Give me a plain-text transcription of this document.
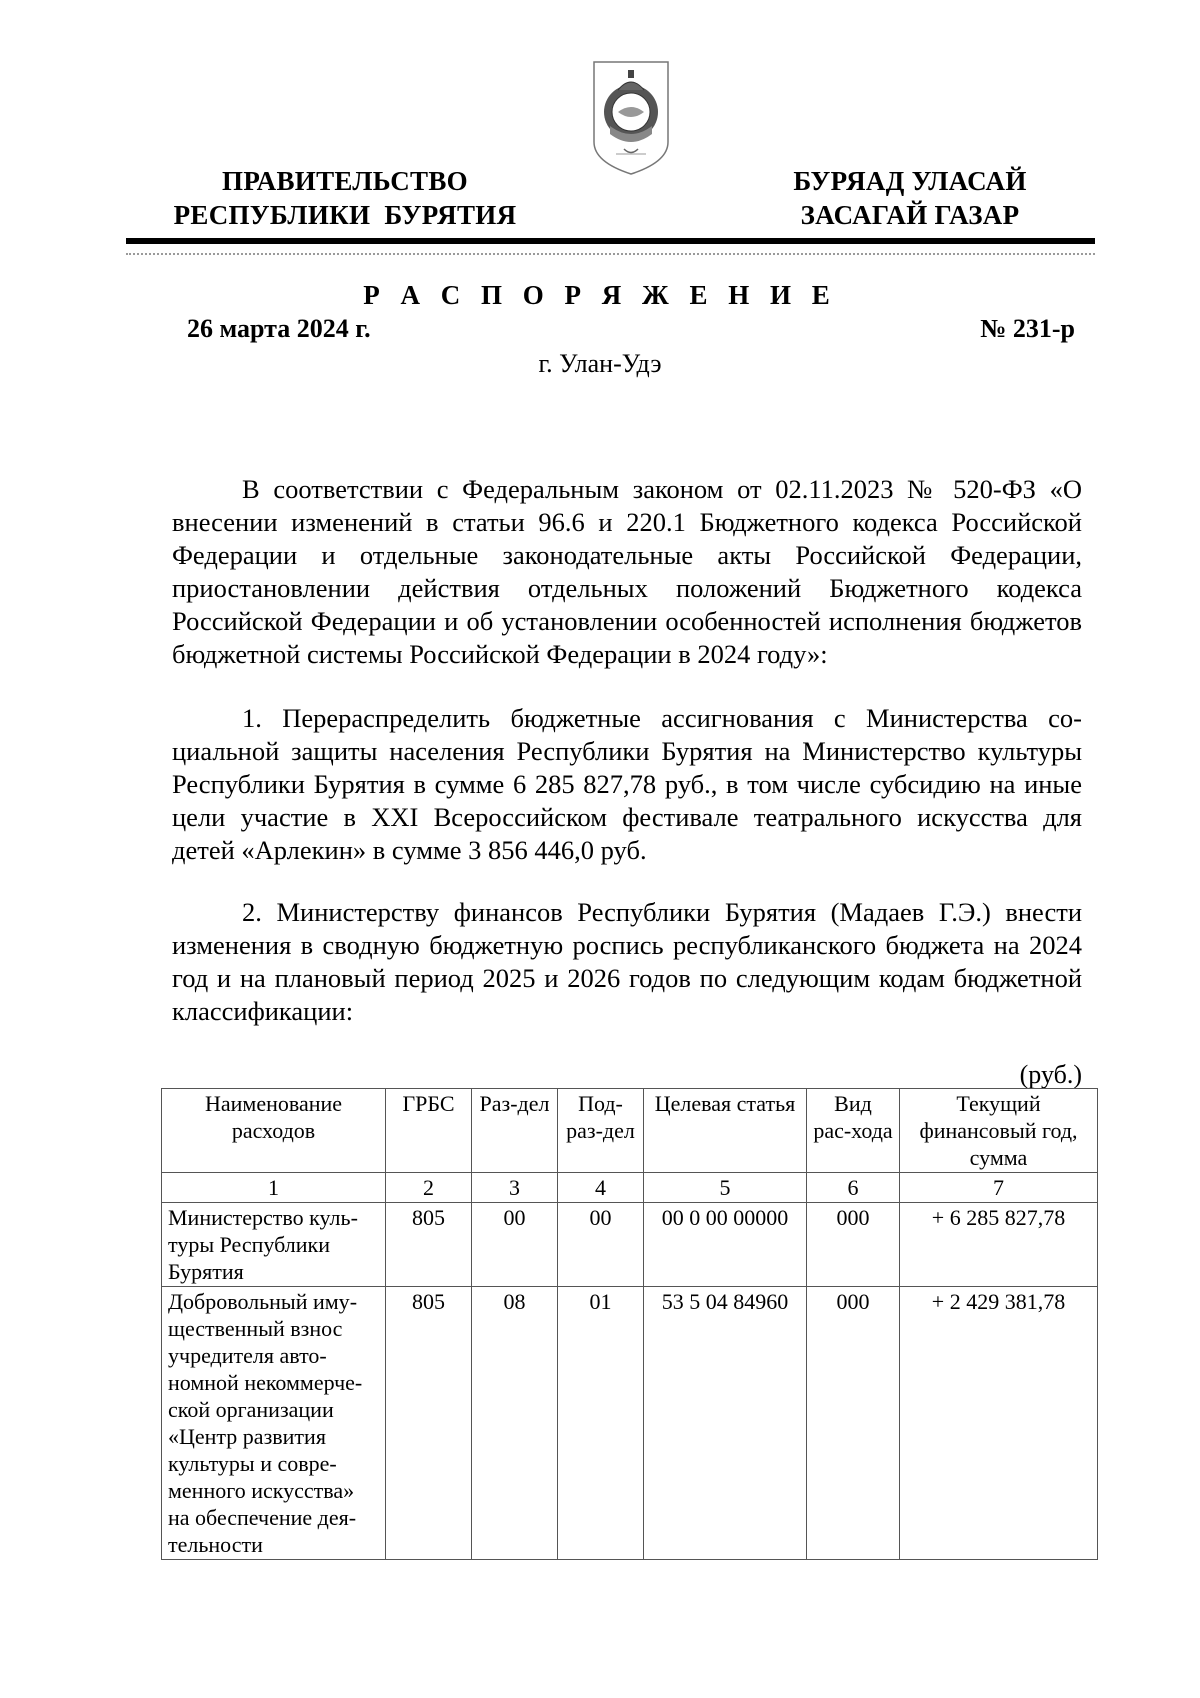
ПРАВИТЕЛЬСТВО
РЕСПУБЛИКИ  БУРЯТИЯ
БУРЯАД УЛАСАЙ
ЗАСАГАЙ ГАЗАР
Р А С П О Р Я Ж Е Н И Е
26 марта 2024 г.	№ 231-р
г. Улан-Удэ

В соответствии с Федеральным законом от 02.11.2023 № 520-ФЗ «О внесении изменений в статьи 96.6 и 220.1 Бюджетного кодекса Российской Федерации и отдельные законодательные акты Российской Федерации, приостановлении действия отдельных положений Бюджетного кодекса Российской Федерации и об установлении особенностей исполнения бюджетов бюджетной системы Российской Федерации в 2024 году»:

1. Перераспределить бюджетные ассигнования с Министерства социальной защиты населения Республики Бурятия на Министерство культуры Республики Бурятия в сумме 6 285 827,78 руб., в том числе субсидию на иные цели участие в XXI Всероссийском фестивале театрального искусства для детей «Арлекин» в сумме 3 856 446,0 руб.

2. Министерству финансов Республики Бурятия (Мадаев Г.Э.) внести изменения в сводную бюджетную роспись республиканского бюджета на 2024 год и на плановый период 2025 и 2026 годов по следующим кодам бюджетной классификации:

(руб.)
Наименование расходов	ГРБС	Раз-дел	Под-раз-дел	Целевая статья	Вид рас-хода	Текущий финансовый год, сумма
1	2	3	4	5	6	7
Министерство культуры Республики Бурятия	805	00	00	00 0 00 00000	000	+ 6 285 827,78
Добровольный имущественный взнос учредителя автономной некоммерческой организации «Центр развития культуры и современного искусства» на обеспечение деятельности	805	08	01	53 5 04 84960	000	+ 2 429 381,78
